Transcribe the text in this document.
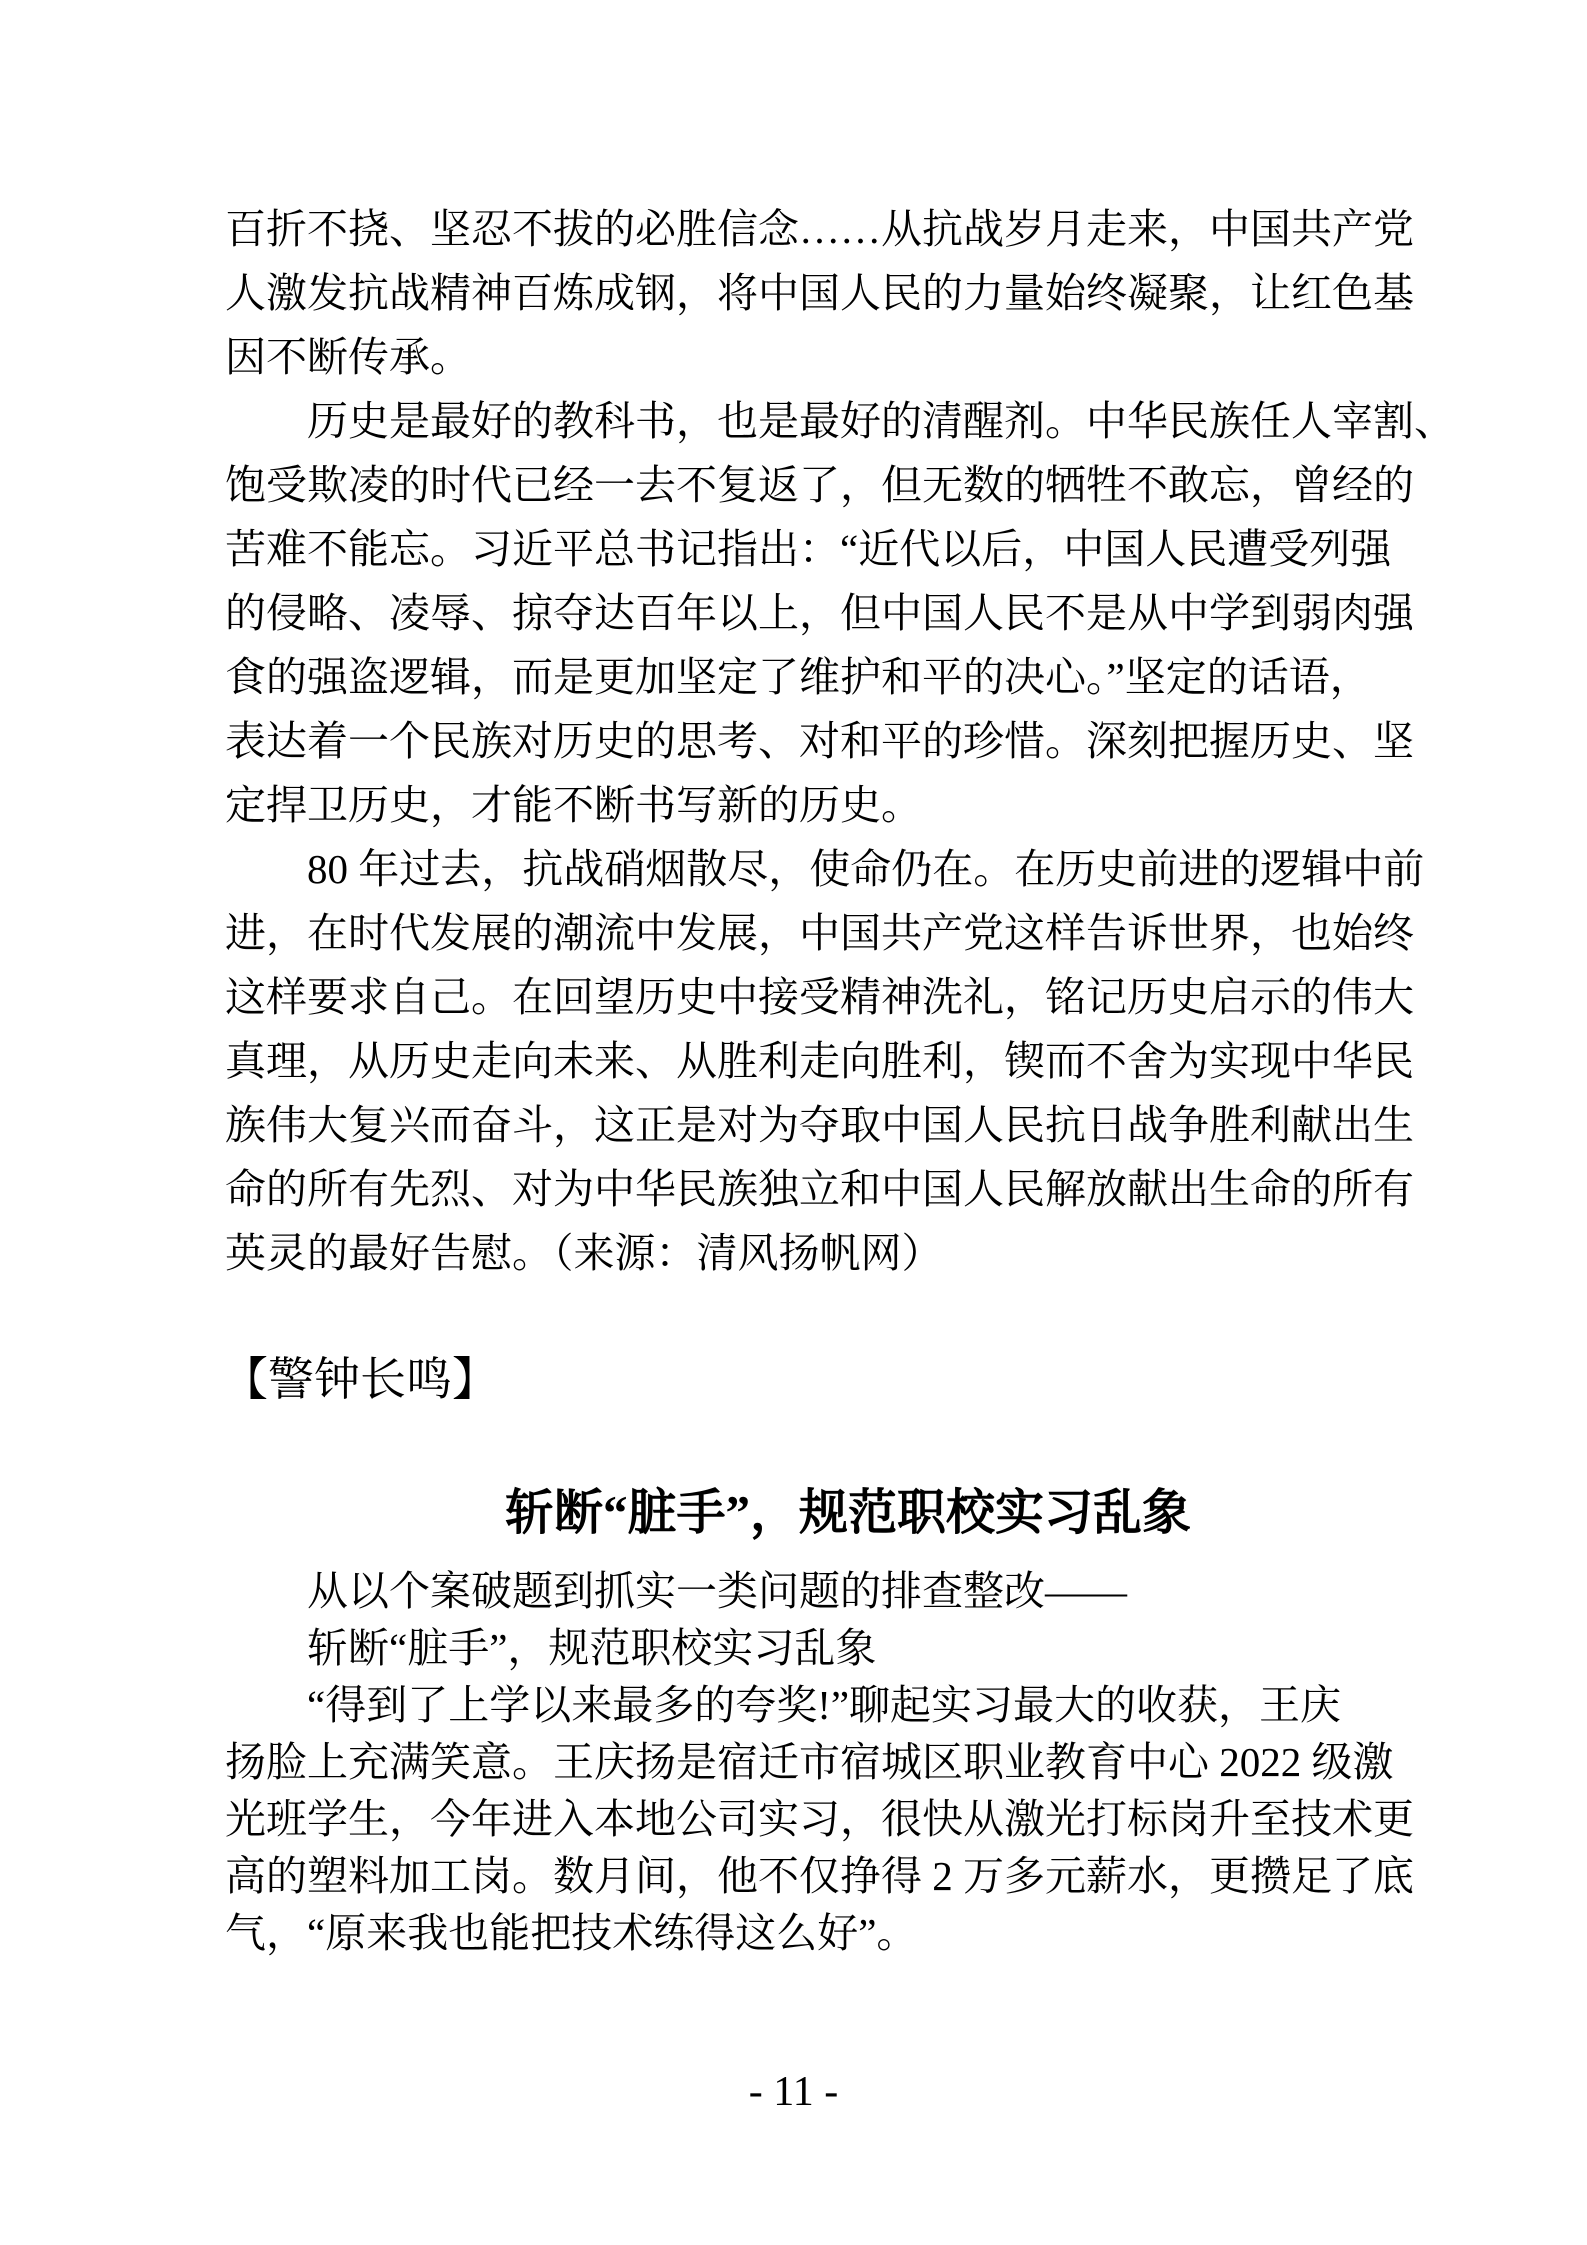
百折不挠、坚忍不拔的必胜信念……从抗战岁月走来，中国共产党
人激发抗战精神百炼成钢，将中国人民的力量始终凝聚，让红色基
因不断传承。
　　历史是最好的教科书，也是最好的清醒剂。中华民族任人宰割、
饱受欺凌的时代已经一去不复返了，但无数的牺牲不敢忘，曾经的
苦难不能忘。习近平总书记指出：“近代以后，中国人民遭受列强
的侵略、凌辱、掠夺达百年以上，但中国人民不是从中学到弱肉强
食的强盗逻辑，而是更加坚定了维护和平的决心。”坚定的话语，
表达着一个民族对历史的思考、对和平的珍惜。深刻把握历史、坚
定捍卫历史，才能不断书写新的历史。
　　80 年过去，抗战硝烟散尽，使命仍在。在历史前进的逻辑中前
进，在时代发展的潮流中发展，中国共产党这样告诉世界，也始终
这样要求自己。在回望历史中接受精神洗礼，铭记历史启示的伟大
真理，从历史走向未来、从胜利走向胜利，锲而不舍为实现中华民
族伟大复兴而奋斗，这正是对为夺取中国人民抗日战争胜利献出生
命的所有先烈、对为中华民族独立和中国人民解放献出生命的所有
英灵的最好告慰。（来源：清风扬帆网）
【警钟长鸣】
斩断“脏手”，规范职校实习乱象
　　从以个案破题到抓实一类问题的排查整改——
　　斩断“脏手”，规范职校实习乱象
　　“得到了上学以来最多的夸奖!”聊起实习最大的收获，王庆
扬脸上充满笑意。王庆扬是宿迁市宿城区职业教育中心 2022 级激
光班学生，今年进入本地公司实习，很快从激光打标岗升至技术更
高的塑料加工岗。数月间，他不仅挣得 2 万多元薪水，更攒足了底
气，“原来我也能把技术练得这么好”。
- 11 -
